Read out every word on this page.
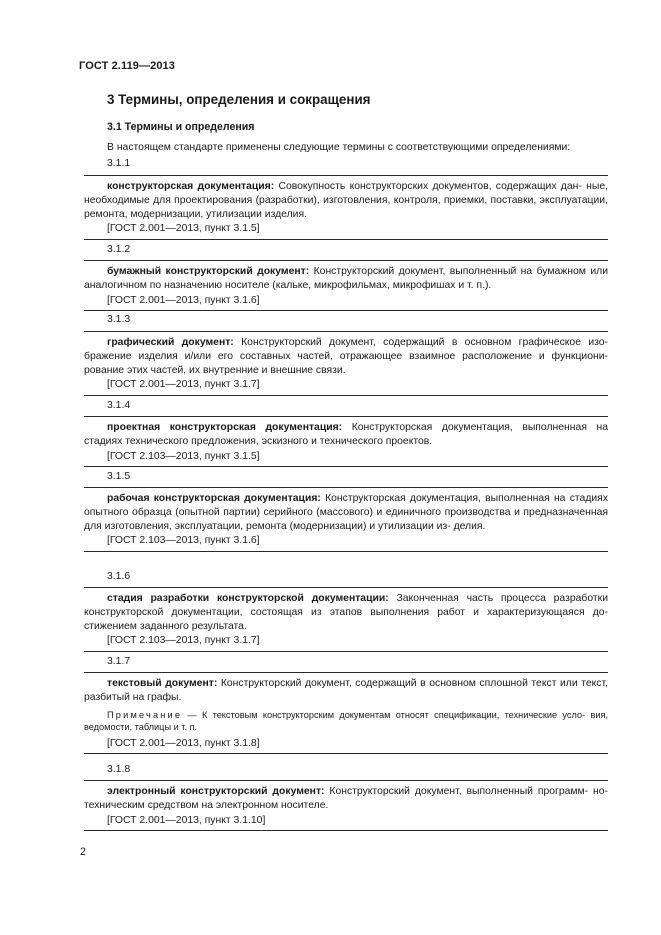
ГОСТ 2.119—2013
3 Термины, определения и сокращения
3.1 Термины и определения
В настоящем стандарте применены следующие термины с соответствующими определениями:
3.1.1

конструкторская документация: Совокупность конструкторских документов, содержащих дан- ные, необходимые для проектирования (разработки), изготовления, контроля, приемки, поставки, эксплуатации, ремонта, модернизации, утилизации изделия.

[ГОСТ 2.001—2013, пункт 3.1.5]
3.1.2

бумажный конструкторский документ: Конструкторский документ, выполненный на бумажном или аналогичном по назначению носителе (кальке, микрофильмах, микрофишах и т. п.).

[ГОСТ 2.001—2013, пункт 3.1.6]
3.1.3

графический документ: Конструкторский документ, содержащий в основном графическое изо- бражение изделия и/или его составных частей, отражающее взаимное расположение и функциони- рование этих частей, их внутренние и внешние связи.

[ГОСТ 2.001—2013, пункт 3.1.7]
3.1.4

проектная конструкторская документация: Конструкторская документация, выполненная на стадиях технического предложения, эскизного и технического проектов.

[ГОСТ 2.103—2013, пункт 3.1.5]
3.1.5

рабочая конструкторская документация: Конструкторская документация, выполненная на стадиях опытного образца (опытной партии) серийного (массового) и единичного производства и предназначенная для изготовления, эксплуатации, ремонта (модернизации) и утилизации из- делия.

[ГОСТ 2.103—2013, пункт 3.1.6]
3.1.6

стадия разработки конструкторской документации: Законченная часть процесса разработки конструкторской документации, состоящая из этапов выполнения работ и характеризующаяся до- стижением заданного результата.

[ГОСТ 2.103—2013, пункт 3.1.7]
3.1.7

текстовый документ: Конструкторский документ, содержащий в основном сплошной текст или текст, разбитый на графы.

Примечание — К текстовым конструкторским документам относят спецификации, технические усло- вия, ведомости, таблицы и т. п.

[ГОСТ 2.001—2013, пункт 3.1.8]
3.1.8

электронный конструкторский документ: Конструкторский документ, выполненный программ- но-техническим средством на электронном носителе.

[ГОСТ 2.001—2013, пункт 3.1.10]
2
